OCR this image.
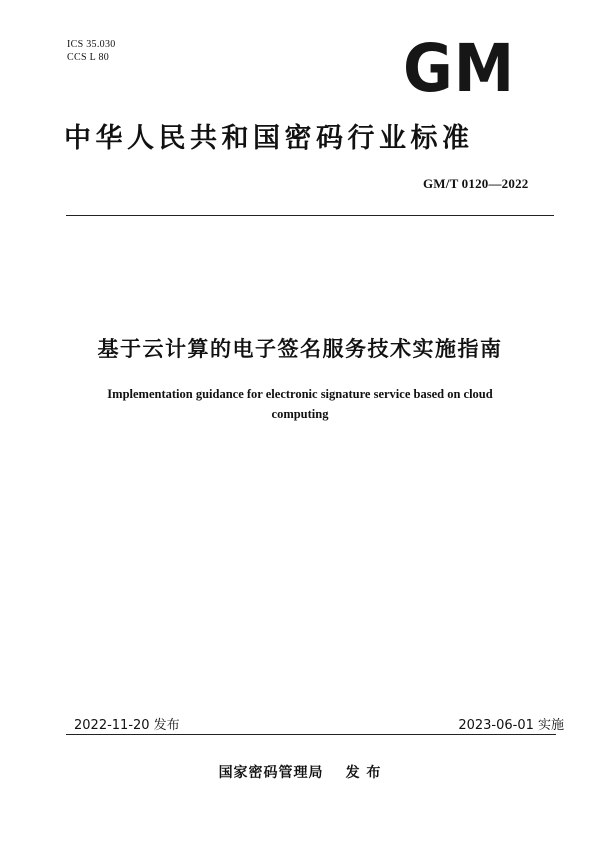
ICS 35.030
CCS L 80	GM
中华人民共和国密码行业标准
GM/T 0120—2022
基于云计算的电子签名服务技术实施指南

Implementation guidance for electronic signature service based on cloud computing

2022-11-20 发布	2023-06-01 实施
国家密码管理局 发 布
